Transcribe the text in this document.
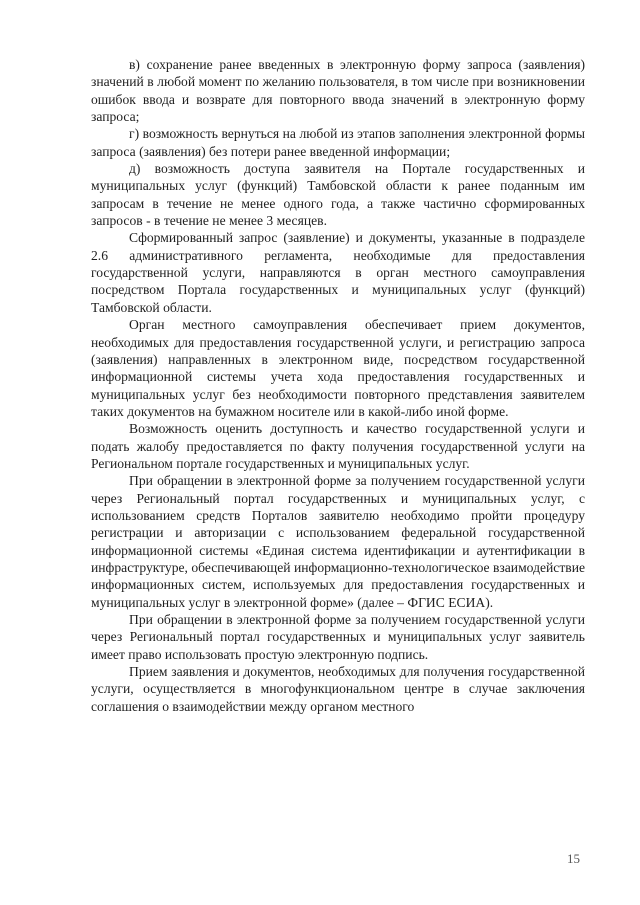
в) сохранение ранее введенных в электронную форму запроса (заявления) значений в любой момент по желанию пользователя, в том числе при возникновении ошибок ввода и возврате для повторного ввода значений в электронную форму запроса;

г) возможность вернуться на любой из этапов заполнения электронной формы запроса (заявления) без потери ранее введенной информации;

д) возможность доступа заявителя на Портале государственных и муниципальных услуг (функций) Тамбовской области к ранее поданным им запросам в течение не менее одного года, а также частично сформированных запросов - в течение не менее 3 месяцев.

Сформированный запрос (заявление) и документы, указанные в подразделе 2.6 административного регламента, необходимые для предоставления государственной услуги, направляются в орган местного самоуправления посредством Портала государственных и муниципальных услуг (функций) Тамбовской области.

Орган местного самоуправления обеспечивает прием документов, необходимых для предоставления государственной услуги, и регистрацию запроса (заявления) направленных в электронном виде, посредством государственной информационной системы учета хода предоставления государственных и муниципальных услуг без необходимости повторного представления заявителем таких документов на бумажном носителе или в какой-либо иной форме.

Возможность оценить доступность и качество государственной услуги и подать жалобу предоставляется по факту получения государственной услуги на Региональном портале государственных и муниципальных услуг.

При обращении в электронной форме за получением государственной услуги через Региональный портал государственных и муниципальных услуг, с использованием средств Порталов заявителю необходимо пройти процедуру регистрации и авторизации с использованием федеральной государственной информационной системы «Единая система идентификации и аутентификации в инфраструктуре, обеспечивающей информационно-технологическое взаимодействие информационных систем, используемых для предоставления государственных и муниципальных услуг в электронной форме» (далее – ФГИС ЕСИА).

При обращении в электронной форме за получением государственной услуги через Региональный портал государственных и муниципальных услуг заявитель имеет право использовать простую электронную подпись.

Прием заявления и документов, необходимых для получения государственной услуги, осуществляется в многофункциональном центре в случае заключения соглашения о взаимодействии между органом местного

15
